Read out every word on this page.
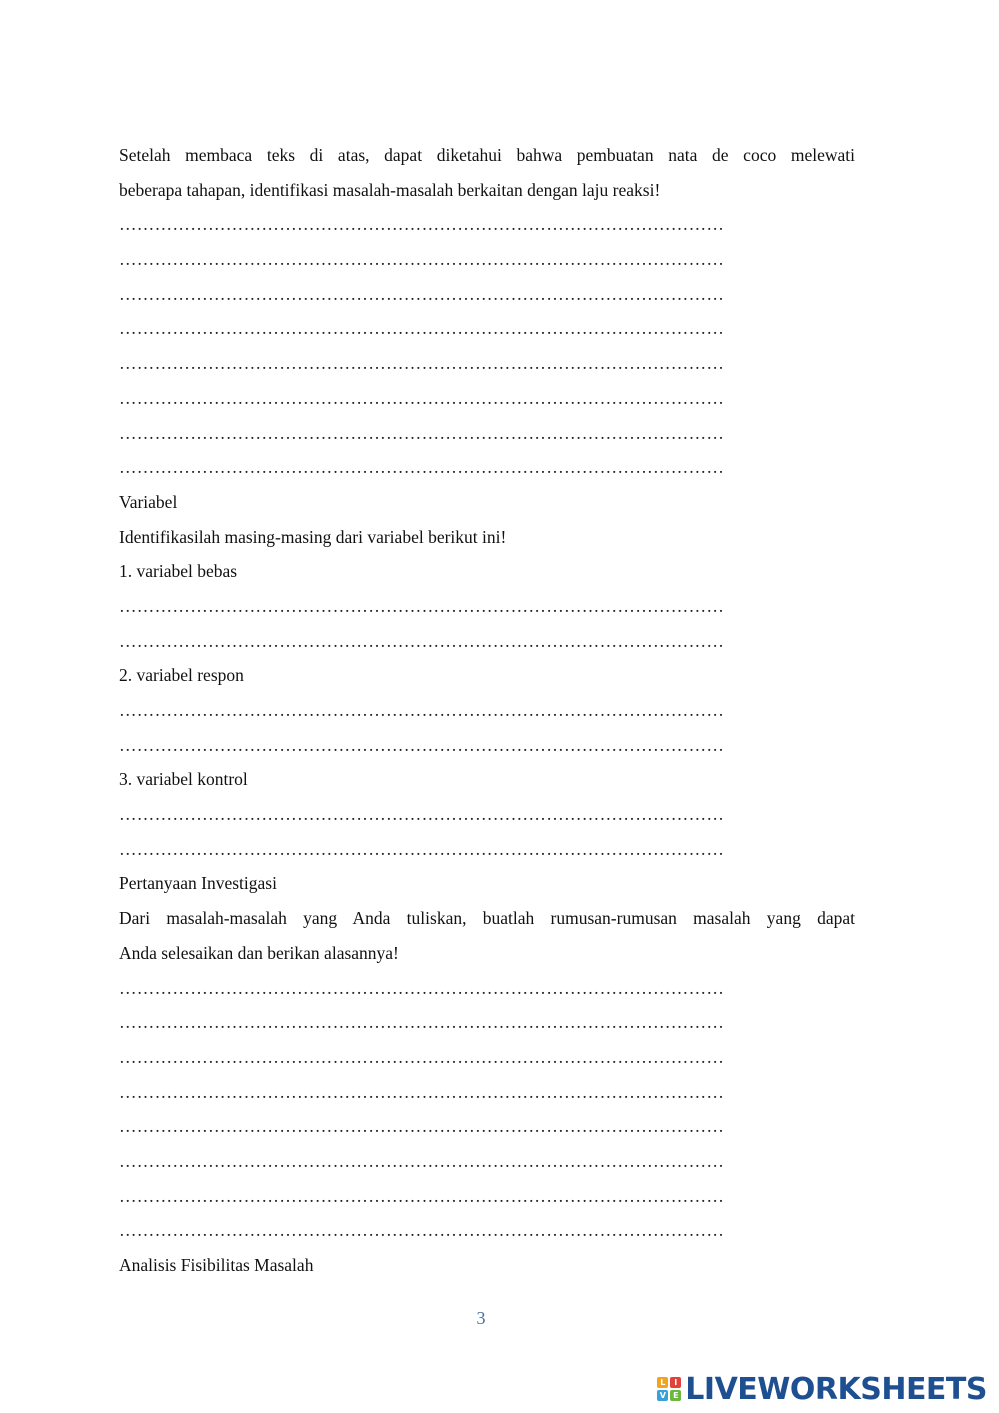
Setelah membaca teks di atas, dapat diketahui bahwa pembuatan nata de coco melewati
beberapa tahapan, identifikasi masalah-masalah berkaitan dengan laju reaksi!
…………………………………………………………………………………………
…………………………………………………………………………………………
…………………………………………………………………………………………
…………………………………………………………………………………………
…………………………………………………………………………………………
…………………………………………………………………………………………
…………………………………………………………………………………………
…………………………………………………………………………………………
Variabel
Identifikasilah masing-masing dari variabel berikut ini!
1. variabel bebas
…………………………………………………………………………………………
…………………………………………………………………………………………
2. variabel respon
…………………………………………………………………………………………
…………………………………………………………………………………………
3. variabel kontrol
…………………………………………………………………………………………
…………………………………………………………………………………………
Pertanyaan Investigasi
Dari masalah-masalah yang Anda tuliskan, buatlah rumusan-rumusan masalah yang dapat
Anda selesaikan dan berikan alasannya!
…………………………………………………………………………………………
…………………………………………………………………………………………
…………………………………………………………………………………………
…………………………………………………………………………………………
…………………………………………………………………………………………
…………………………………………………………………………………………
…………………………………………………………………………………………
…………………………………………………………………………………………
Analisis Fisibilitas Masalah
3
L	I
V E LIVEWORKSHEETS
